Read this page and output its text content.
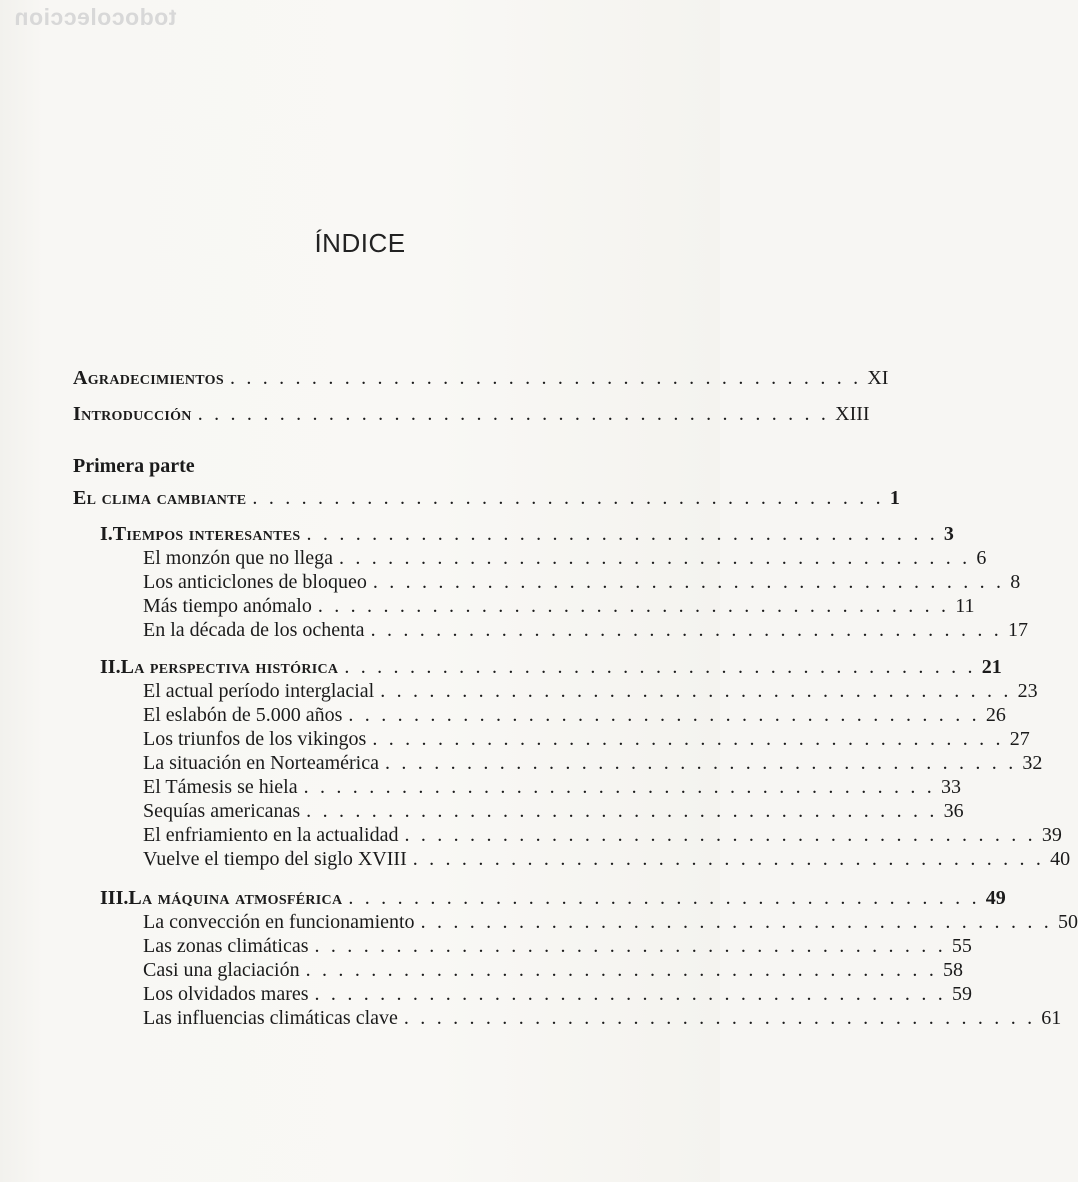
todocoleccion
ÍNDICE
Agradecimientos . . . . . . . . . . . . . . . . . . . . . . . . . . . . . . . . . . . . . . . XI
Introducción . . . . . . . . . . . . . . . . . . . . . . . . . . . . . . . . . . . . . . . XIII
Primera parte
El clima cambiante . . . . . . . . . . . . . . . . . . . . . . . . . . . . . . . . . . . . . . . 1
I. Tiempos interesantes . . . . . . . . . . . . . . . . . . . . . . . . . . . . . . . . . . . . . . . 3
El monzón que no llega . . . . . . . . . . . . . . . . . . . . . . . . . . . . . . . . . . . . . . . 6
Los anticiclones de bloqueo . . . . . . . . . . . . . . . . . . . . . . . . . . . . . . . . . . . . . . . 8
Más tiempo anómalo . . . . . . . . . . . . . . . . . . . . . . . . . . . . . . . . . . . . . . . 11
En la década de los ochenta . . . . . . . . . . . . . . . . . . . . . . . . . . . . . . . . . . . . . . . 17
II. La perspectiva histórica . . . . . . . . . . . . . . . . . . . . . . . . . . . . . . . . . . . . . . . 21
El actual período interglacial . . . . . . . . . . . . . . . . . . . . . . . . . . . . . . . . . . . . . . . 23
El eslabón de 5.000 años . . . . . . . . . . . . . . . . . . . . . . . . . . . . . . . . . . . . . . . 26
Los triunfos de los vikingos . . . . . . . . . . . . . . . . . . . . . . . . . . . . . . . . . . . . . . . 27
La situación en Norteamérica . . . . . . . . . . . . . . . . . . . . . . . . . . . . . . . . . . . . . . . 32
El Támesis se hiela . . . . . . . . . . . . . . . . . . . . . . . . . . . . . . . . . . . . . . . 33
Sequías americanas . . . . . . . . . . . . . . . . . . . . . . . . . . . . . . . . . . . . . . . 36
El enfriamiento en la actualidad . . . . . . . . . . . . . . . . . . . . . . . . . . . . . . . . . . . . . . . 39
Vuelve el tiempo del siglo XVIII . . . . . . . . . . . . . . . . . . . . . . . . . . . . . . . . . . . . . . . 40
III. La máquina atmosférica . . . . . . . . . . . . . . . . . . . . . . . . . . . . . . . . . . . . . . . 49
La convección en funcionamiento . . . . . . . . . . . . . . . . . . . . . . . . . . . . . . . . . . . . . . . 50
Las zonas climáticas . . . . . . . . . . . . . . . . . . . . . . . . . . . . . . . . . . . . . . . 55
Casi una glaciación . . . . . . . . . . . . . . . . . . . . . . . . . . . . . . . . . . . . . . . 58
Los olvidados mares . . . . . . . . . . . . . . . . . . . . . . . . . . . . . . . . . . . . . . . 59
Las influencias climáticas clave . . . . . . . . . . . . . . . . . . . . . . . . . . . . . . . . . . . . . . . 61
